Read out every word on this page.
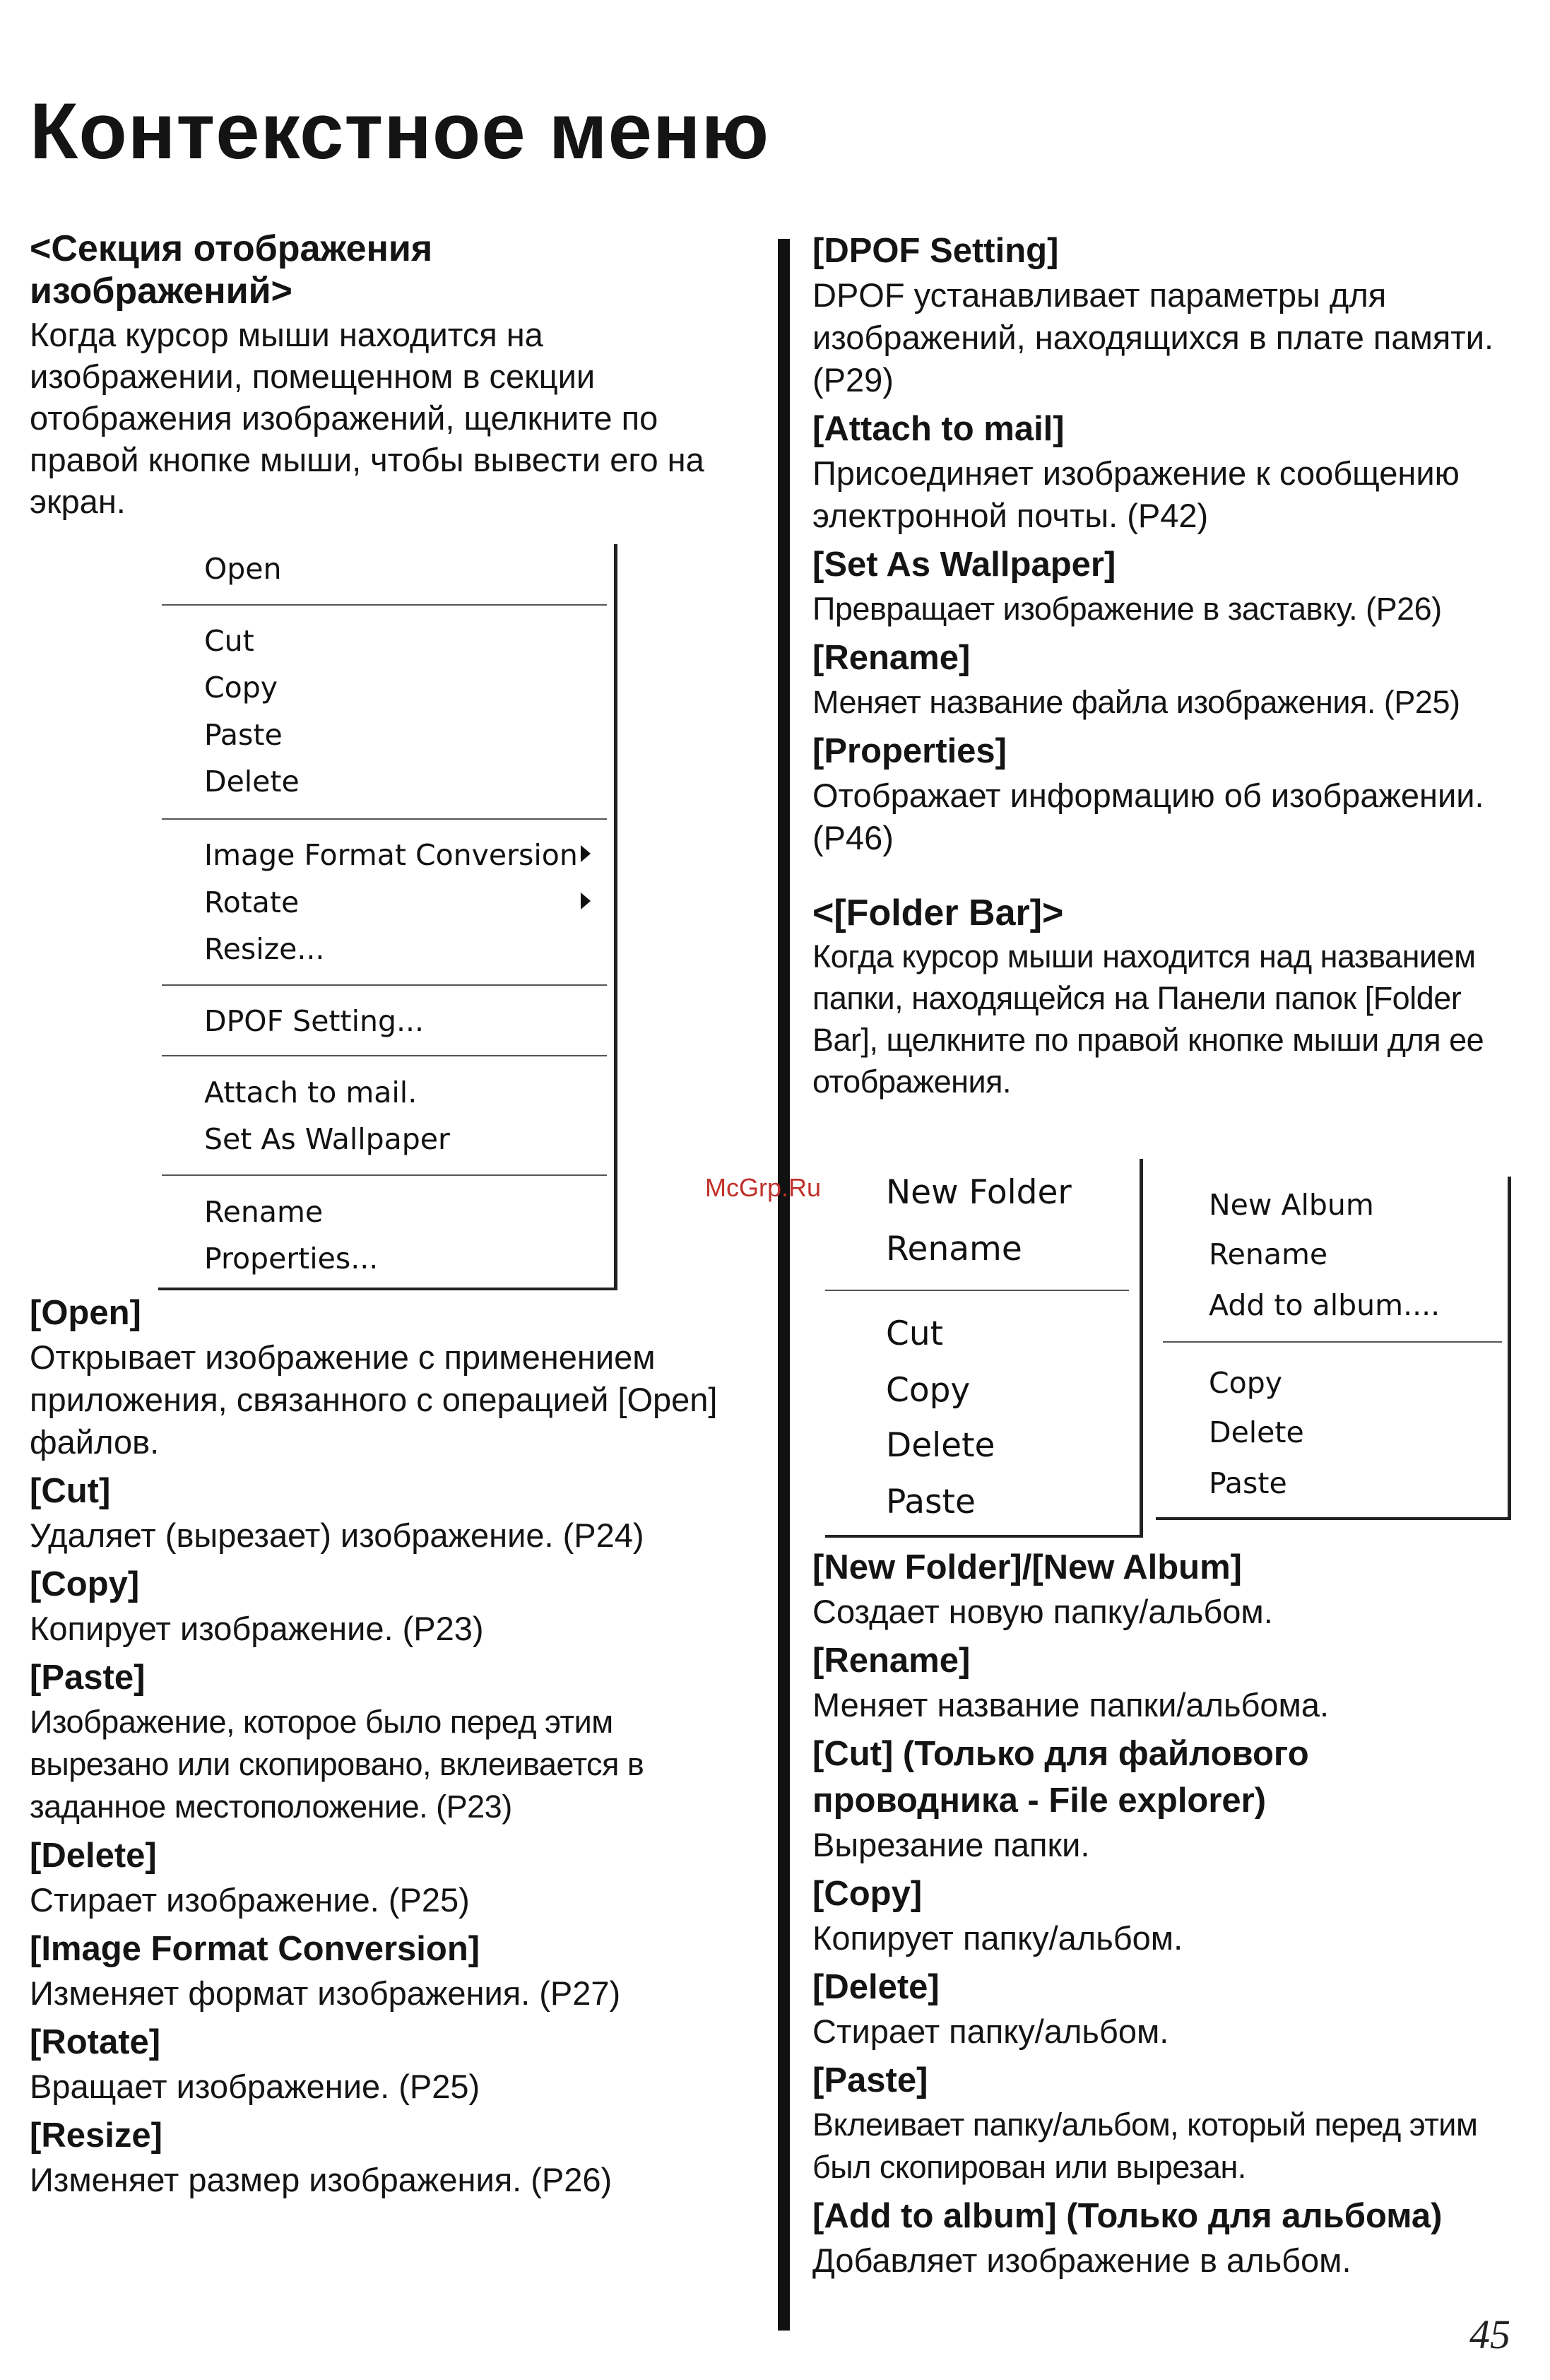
Контекстное меню

<Секция отображения изображений>

Когда курсор мыши находится на изображении, помещенном в секции отображения изображений, щелкните по правой кнопке мыши, чтобы вывести его на экран.

Open
Cut
Copy
Paste
Delete
Image Format Conversion
Rotate
Resize...
DPOF Setting...
Attach to mail.
Set As Wallpaper
Rename
Properties...

[Open]

Открывает изображение с применением приложения, связанного с операцией [Open] файлов.

[Cut]

Удаляет (вырезает) изображение. (P24)

[Copy]

Копирует изображение. (P23)

[Paste]

Изображение, которое было перед этим вырезано или скопировано, вклеивается в заданное местоположение. (P23)

[Delete]

Стирает изображение. (P25)

[Image Format Conversion]

Изменяет формат изображения. (P27)

[Rotate]

Вращает изображение. (P25)

[Resize]

Изменяет размер изображения. (P26)

[DPOF Setting]

DPOF устанавливает параметры для изображений, находящихся в плате памяти. (P29)

[Attach to mail]

Присоединяет изображение к сообщению электронной почты. (P42)

[Set As Wallpaper]

Превращает изображение в заставку. (P26)

[Rename]

Меняет название файла изображения. (P25)

[Properties]

Отображает информацию об изображении. (P46)

<[Folder Bar]>

Когда курсор мыши находится над названием папки, находящейся на Панели папок [Folder Bar], щелкните по правой кнопке мыши для ее отображения.

McGrp.Ru New Folder
Rename
Cut
Copy
Delete
Paste
New Album
Rename
Add to album....
Copy
Delete
Paste

[New Folder]/[New Album]

Создает новую папку/альбом.

[Rename]

Меняет название папки/альбома.

[Cut] (Только для файлового проводника - File explorer)

Вырезание папки.

[Copy]

Копирует папку/альбом.

[Delete]

Стирает папку/альбом.

[Paste]

Вклеивает папку/альбом, который перед этим был скопирован или вырезан.

[Add to album] (Только для альбома)

Добавляет изображение в альбом.

45
